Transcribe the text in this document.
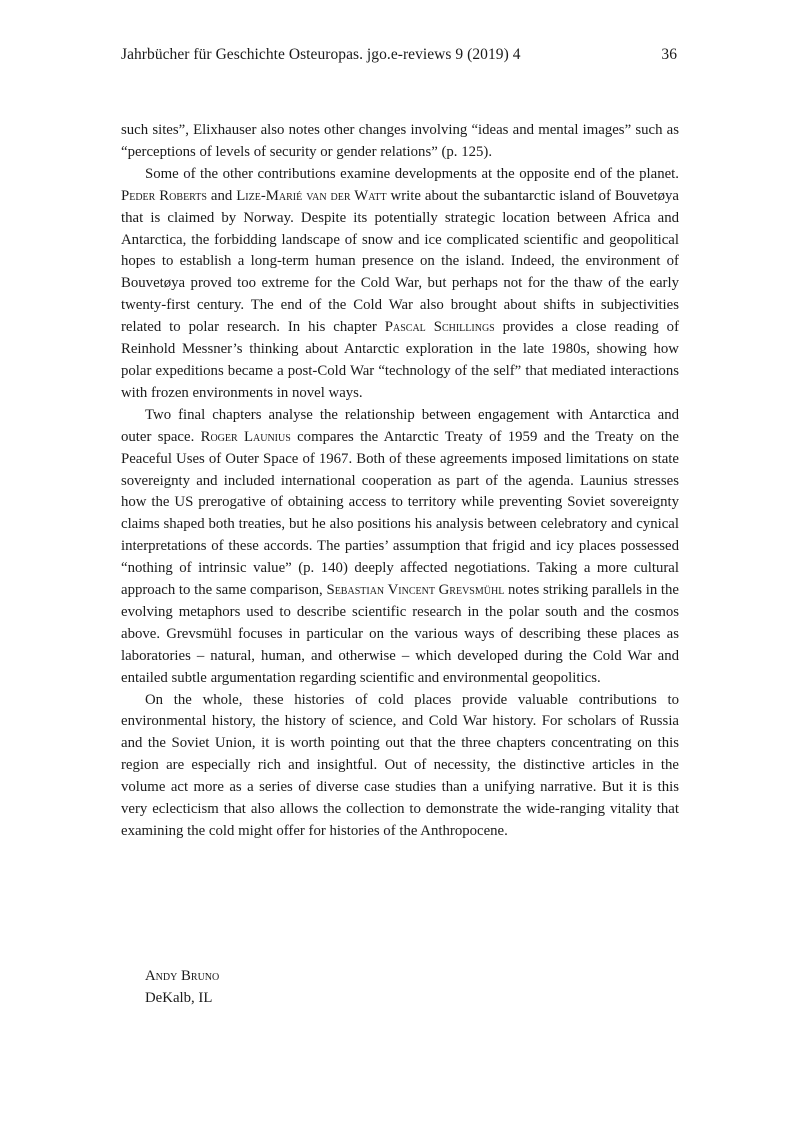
Jahrbücher für Geschichte Osteuropas. jgo.e-reviews 9 (2019) 4	36

such sites”, Elixhauser also notes other changes involving “ideas and mental images” such as “perceptions of levels of security or gender relations” (p. 125).

Some of the other contributions examine developments at the opposite end of the planet. Peder Roberts and Lize-Marié van der Watt write about the subantarctic island of Bouvetøya that is claimed by Norway. Despite its potentially strategic location between Africa and Antarctica, the forbidding landscape of snow and ice complicated scientific and geopolitical hopes to establish a long-term human presence on the island. Indeed, the environment of Bouvetøya proved too extreme for the Cold War, but perhaps not for the thaw of the early twenty-first century. The end of the Cold War also brought about shifts in subjectivities related to polar research. In his chapter Pascal Schillings provides a close reading of Reinhold Messner’s thinking about Antarctic exploration in the late 1980s, showing how polar expeditions became a post-Cold War “technology of the self” that mediated interactions with frozen environments in novel ways.

Two final chapters analyse the relationship between engagement with Antarctica and outer space. Roger Launius compares the Antarctic Treaty of 1959 and the Treaty on the Peaceful Uses of Outer Space of 1967. Both of these agreements imposed limitations on state sovereignty and included international cooperation as part of the agenda. Launius stresses how the US prerogative of obtaining access to territory while preventing Soviet sovereignty claims shaped both treaties, but he also positions his analysis between celebratory and cynical interpretations of these accords. The parties’ assumption that frigid and icy places possessed “nothing of intrinsic value” (p. 140) deeply affected negotiations. Taking a more cultural approach to the same comparison, Sebastian Vincent Grevsmühl notes striking parallels in the evolving metaphors used to describe scientific research in the polar south and the cosmos above. Grevsmühl focuses in particular on the various ways of describing these places as laboratories – natural, human, and otherwise – which developed during the Cold War and entailed subtle argumentation regarding scientific and environmental geopolitics.

On the whole, these histories of cold places provide valuable contributions to environmental history, the history of science, and Cold War history. For scholars of Russia and the Soviet Union, it is worth pointing out that the three chapters concentrating on this region are especially rich and insightful. Out of necessity, the distinctive articles in the volume act more as a series of diverse case studies than a unifying narrative. But it is this very eclecticism that also allows the collection to demonstrate the wide-ranging vitality that examining the cold might offer for histories of the Anthropocene.

Andy Bruno
DeKalb, IL
